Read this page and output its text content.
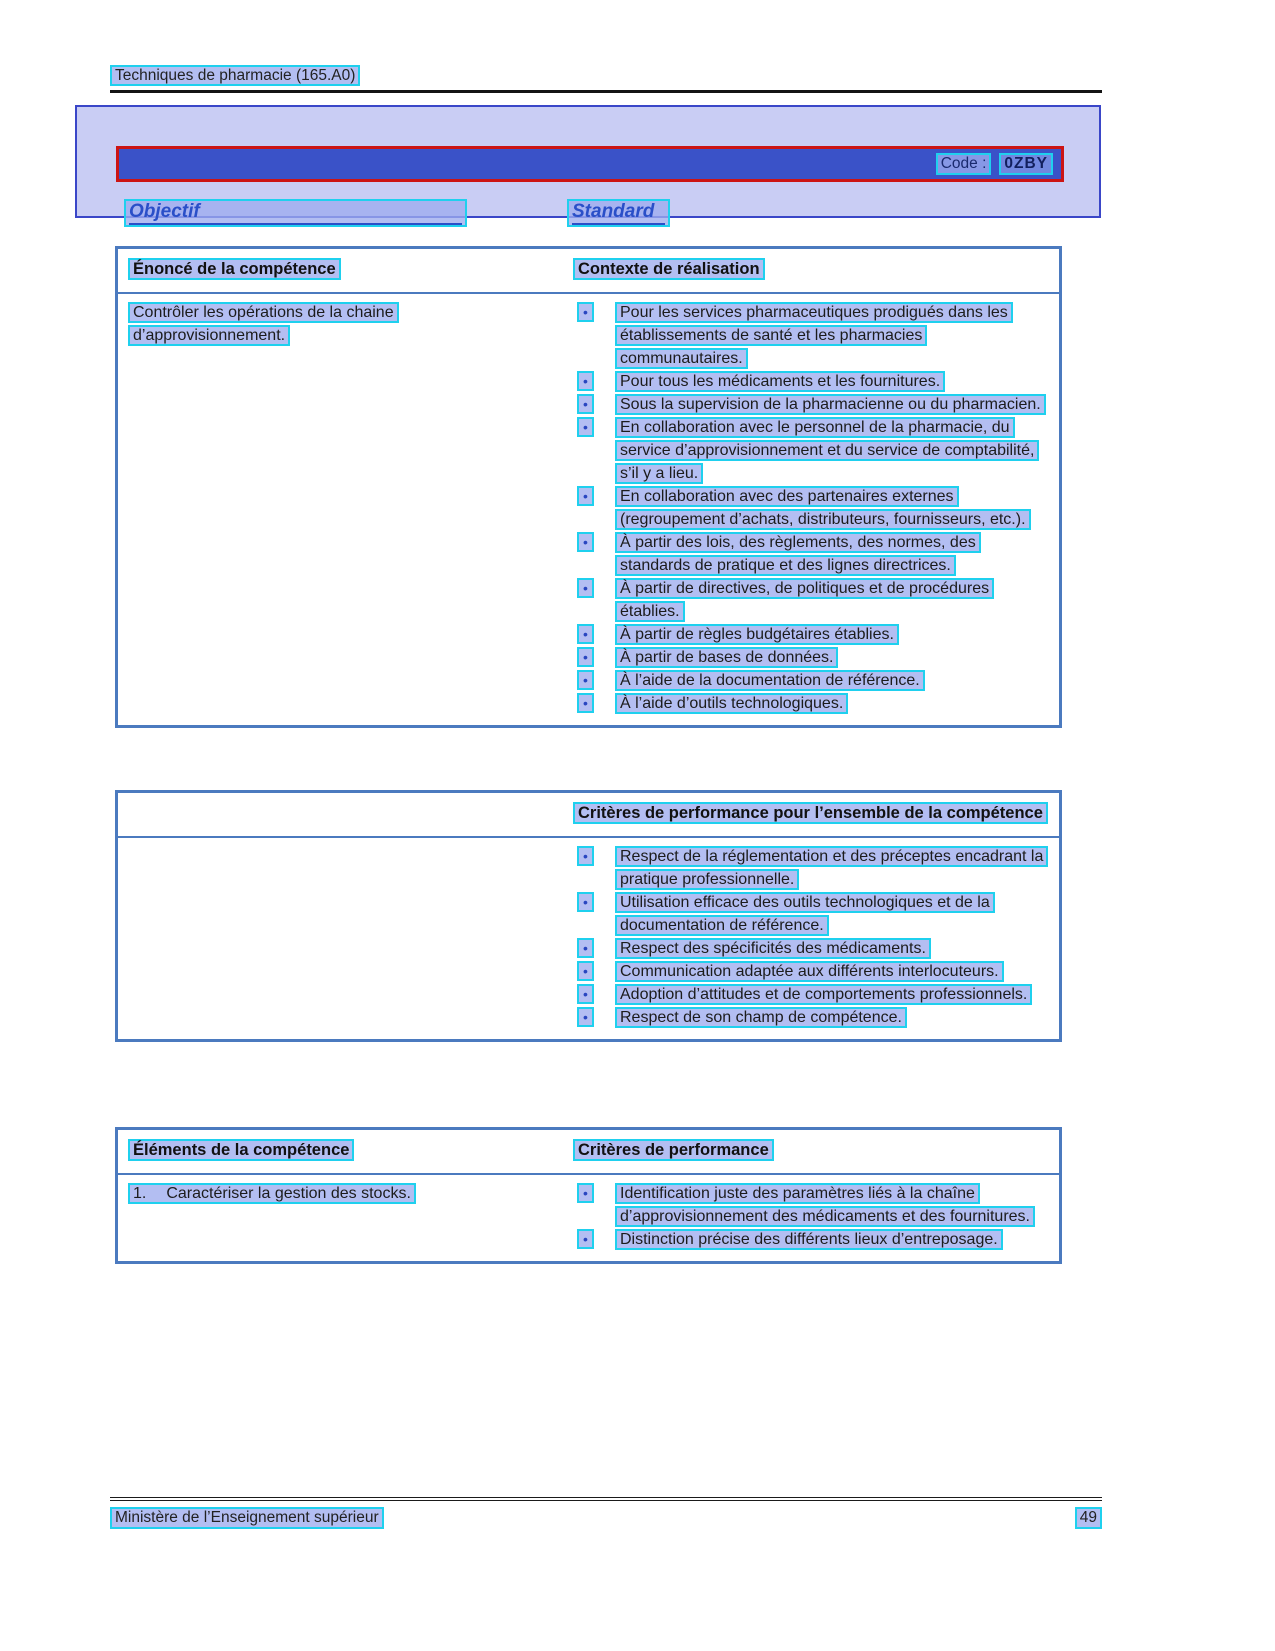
Techniques de pharmacie (165.A0)
Code :	0ZBY
Objectif	Standard
Énoncé de la compétence	Contexte de réalisation
Contrôler les opérations de la chaine d’approvisionnement.
•	Pour les services pharmaceutiques prodigués dans les établissements de santé et les pharmacies communautaires.
•	Pour tous les médicaments et les fournitures.
•	Sous la supervision de la pharmacienne ou du pharmacien.
•	En collaboration avec le personnel de la pharmacie, du service d’approvisionnement et du service de comptabilité, s’il y a lieu.
•	En collaboration avec des partenaires externes (regroupement d’achats, distributeurs, fournisseurs, etc.).
•	À partir des lois, des règlements, des normes, des standards de pratique et des lignes directrices.
•	À partir de directives, de politiques et de procédures établies.
•	À partir de règles budgétaires établies.
•	À partir de bases de données.
•	À l’aide de la documentation de référence.
•	À l’aide d’outils technologiques.
Critères de performance pour l’ensemble de la compétence
•	Respect de la réglementation et des préceptes encadrant la pratique professionnelle.
•	Utilisation efficace des outils technologiques et de la documentation de référence.
•	Respect des spécificités des médicaments.
•	Communication adaptée aux différents interlocuteurs.
•	Adoption d’attitudes et de comportements professionnels.
•	Respect de son champ de compétence.
Éléments de la compétence	Critères de performance
1. Caractériser la gestion des stocks.	•	Identification juste des paramètres liés à la chaîne d’approvisionnement des médicaments et des fournitures.
•	Distinction précise des différents lieux d’entreposage.
Ministère de l’Enseignement supérieur	49
